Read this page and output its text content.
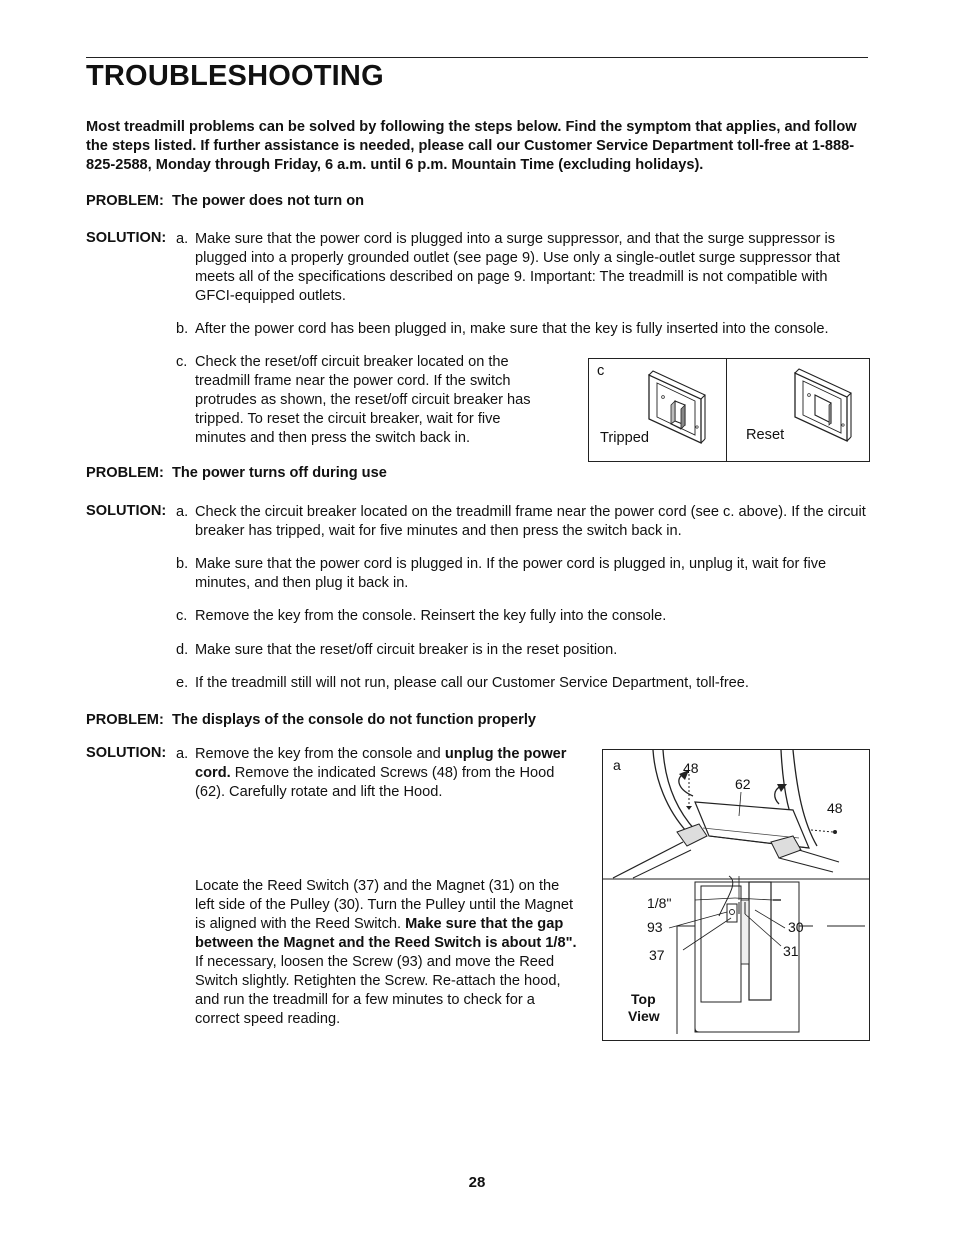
TROUBLESHOOTING
Most treadmill problems can be solved by following the steps below. Find the symptom that applies, and follow the steps listed. If further assistance is needed, please call our Customer Service Department toll-free at 1-888-825-2588, Monday through Friday, 6 a.m. until 6 p.m. Mountain Time (excluding holidays).
PROBLEM: The power does not turn on
SOLUTION: a. Make sure that the power cord is plugged into a surge suppressor, and that the surge suppressor is plugged into a properly grounded outlet (see page 9). Use only a single-outlet surge suppressor that meets all of the specifications described on page 9. Important: The treadmill is not compatible with GFCI-equipped outlets.
b. After the power cord has been plugged in, make sure that the key is fully inserted into the console.
c. Check the reset/off circuit breaker located on the treadmill frame near the power cord. If the switch protrudes as shown, the reset/off circuit breaker has tripped. To reset the circuit breaker, wait for five minutes and then press the switch back in.
c
Tripped	Reset
PROBLEM: The power turns off during use
SOLUTION: a. Check the circuit breaker located on the treadmill frame near the power cord (see c. above). If the circuit breaker has tripped, wait for five minutes and then press the switch back in.
b. Make sure that the power cord is plugged in. If the power cord is plugged in, unplug it, wait for five minutes, and then plug it back in.
c. Remove the key from the console. Reinsert the key fully into the console.
d. Make sure that the reset/off circuit breaker is in the reset position.
e. If the treadmill still will not run, please call our Customer Service Department, toll-free.
PROBLEM: The displays of the console do not function properly
SOLUTION: a. Remove the key from the console and unplug the power cord. Remove the indicated Screws (48) from the Hood (62). Carefully rotate and lift the Hood.
Locate the Reed Switch (37) and the Magnet (31) on the left side of the Pulley (30). Turn the Pulley until the Magnet is aligned with the Reed Switch. Make sure that the gap between the Magnet and the Reed Switch is about 1/8". If necessary, loosen the Screw (93) and move the Reed Switch slightly. Retighten the Screw. Re-attach the hood, and run the treadmill for a few minutes to check for a correct speed reading.
a	48
62
48
1/8"
93
37
30
31
Top
View
28
